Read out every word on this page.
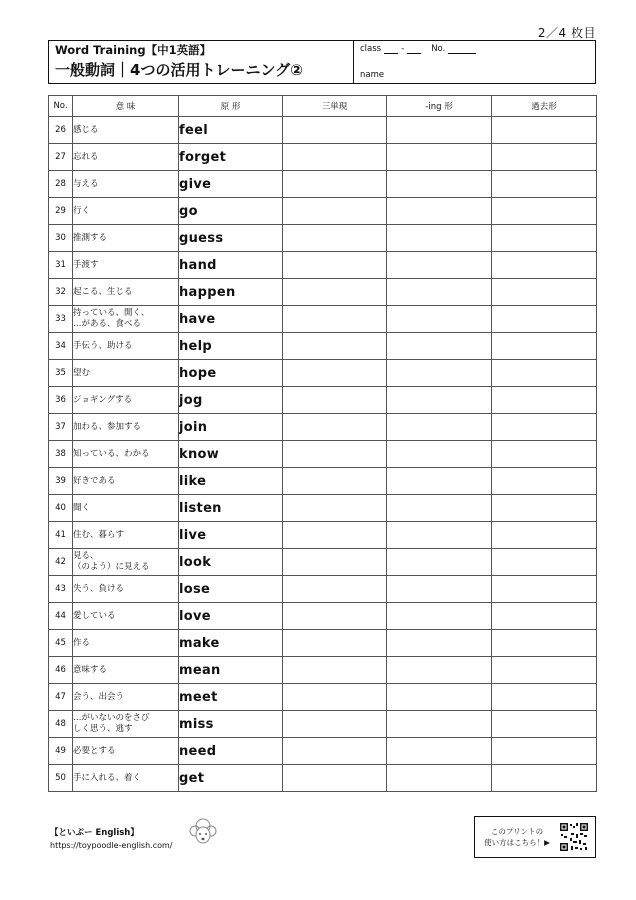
2／4 枚目
Word Training【中1英語】
一般動詞｜4つの活用トレーニング②
class -	No.
name
No.	意 味	原 形	三単現	-ing 形	過去形
26	感じる	feel			
27	忘れる	forget			
28	与える	give			
29	行く	go			
30	推測する	guess			
31	手渡す	hand			
32	起こる、生じる	happen			
33	持っている、開く、
…がある、食べる	have			
34	手伝う、助ける	help			
35	望む	hope			
36	ジョギングする	jog			
37	加わる、参加する	join			
38	知っている、わかる	know			
39	好きである	like			
40	聞く	listen			
41	住む、暮らす	live			
42	見る、
（のよう）に見える	look			
43	失う、負ける	lose			
44	愛している	love			
45	作る	make			
46	意味する	mean			
47	会う、出会う	meet			
48	…がいないのをさび
しく思う、逃す	miss			
49	必要とする	need			
50	手に入れる、着く	get			
【といぷー English】
https://toypoodle-english.com/
このプリントの
使い方はこちら！▶
